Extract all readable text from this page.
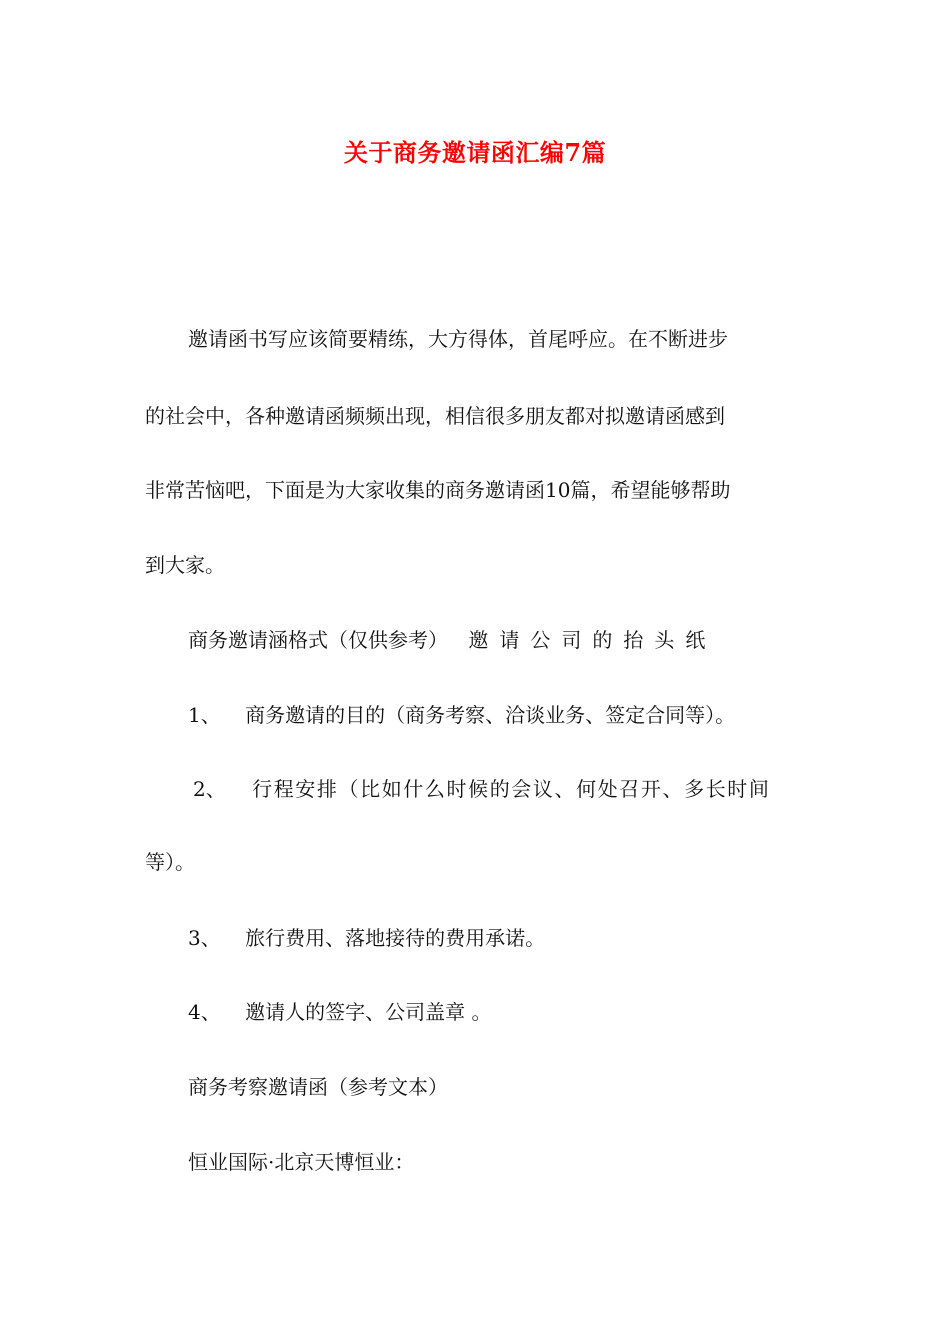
关于商务邀请函汇编7篇
邀请函书写应该简要精练，大方得体，首尾呼应。在不断进步
的社会中，各种邀请函频频出现，相信很多朋友都对拟邀请函感到
非常苦恼吧，下面是为大家收集的商务邀请函10篇，希望能够帮助
到大家。
商务邀请涵格式（仅供参考） 邀请公司的抬头纸
1、 商务邀请的目的（商务考察、洽谈业务、签定合同等）。
2、 行程安排（比如什么时候的会议、何处召开、多长时间
等）。
3、 旅行费用、落地接待的费用承诺。
4、 邀请人的签字、公司盖章 。
商务考察邀请函（参考文本）
恒业国际·北京天博恒业：
